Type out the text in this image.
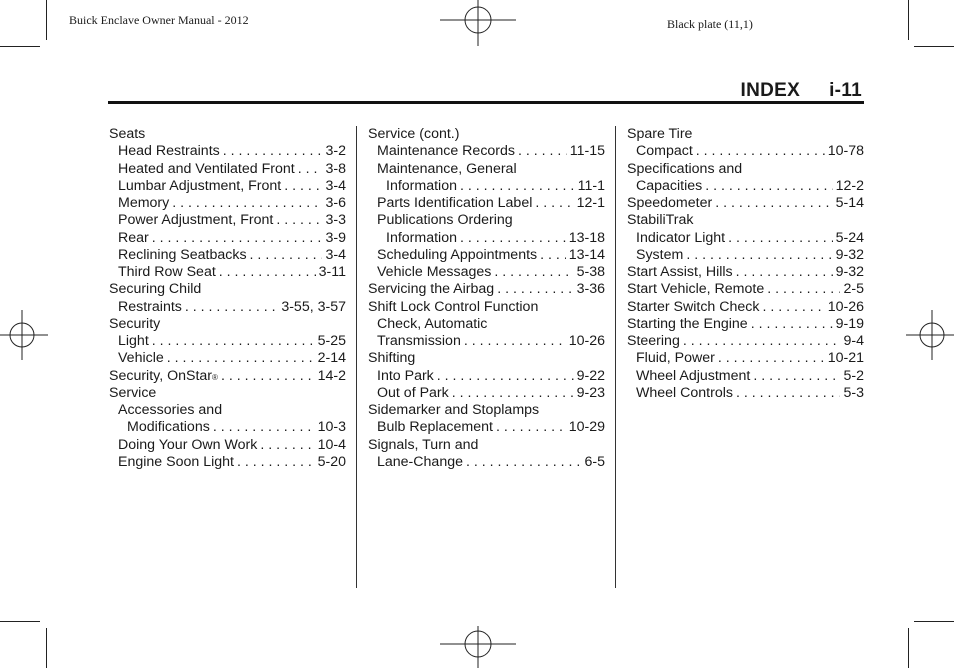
Buick Enclave Owner Manual - 2012	Black plate (11,1)
INDEX i-11
Seats
Head Restraints . . .	3-2
Heated and Ventilated Front . . . 3-8
Lumbar Adjustment, Front . . .	3-4
Memory . . .	3-6
Power Adjustment, Front . . .	3-3
Rear . . .	3-9
Reclining Seatbacks . . .	3-4
Third Row Seat . . .	3-11
Securing Child
Restraints . . .	3-55, 3-57
Security
Light . . .	5-25
Vehicle . . .	2-14
Security, OnStar ® . . .	14-2
Service
Accessories and
Modifications . . .	10-3
Doing Your Own Work . . .	10-4
Engine Soon Light . . .	5-20
Service (cont.)
Maintenance Records . . .	11-15
Maintenance, General
Information . . .	11-1
Parts Identification Label . . .	12-1
Publications Ordering
Information . . .	13-18
Scheduling Appointments . . . 13-14
Vehicle Messages . . .	5-38
Servicing the Airbag . . .	3-36
Shift Lock Control Function
Check, Automatic
Transmission . . .	10-26
Shifting
Into Park . . .	9-22
Out of Park . . .	9-23
Sidemarker and Stoplamps
Bulb Replacement . . .	10-29
Signals, Turn and
Lane-Change . . .	6-5
Spare Tire
Compact . . .	10-78
Specifications and
Capacities . . .	12-2
Speedometer . . .	5-14
StabiliTrak
Indicator Light . . .	5-24
System . . .	9-32
Start Assist, Hills . . .	9-32
Start Vehicle, Remote . . .	2-5
Starter Switch Check . . .	10-26
Starting the Engine . . .	9-19
Steering . . .	9-4
Fluid, Power . . .	10-21
Wheel Adjustment . . .	5-2
Wheel Controls . . .	5-3
